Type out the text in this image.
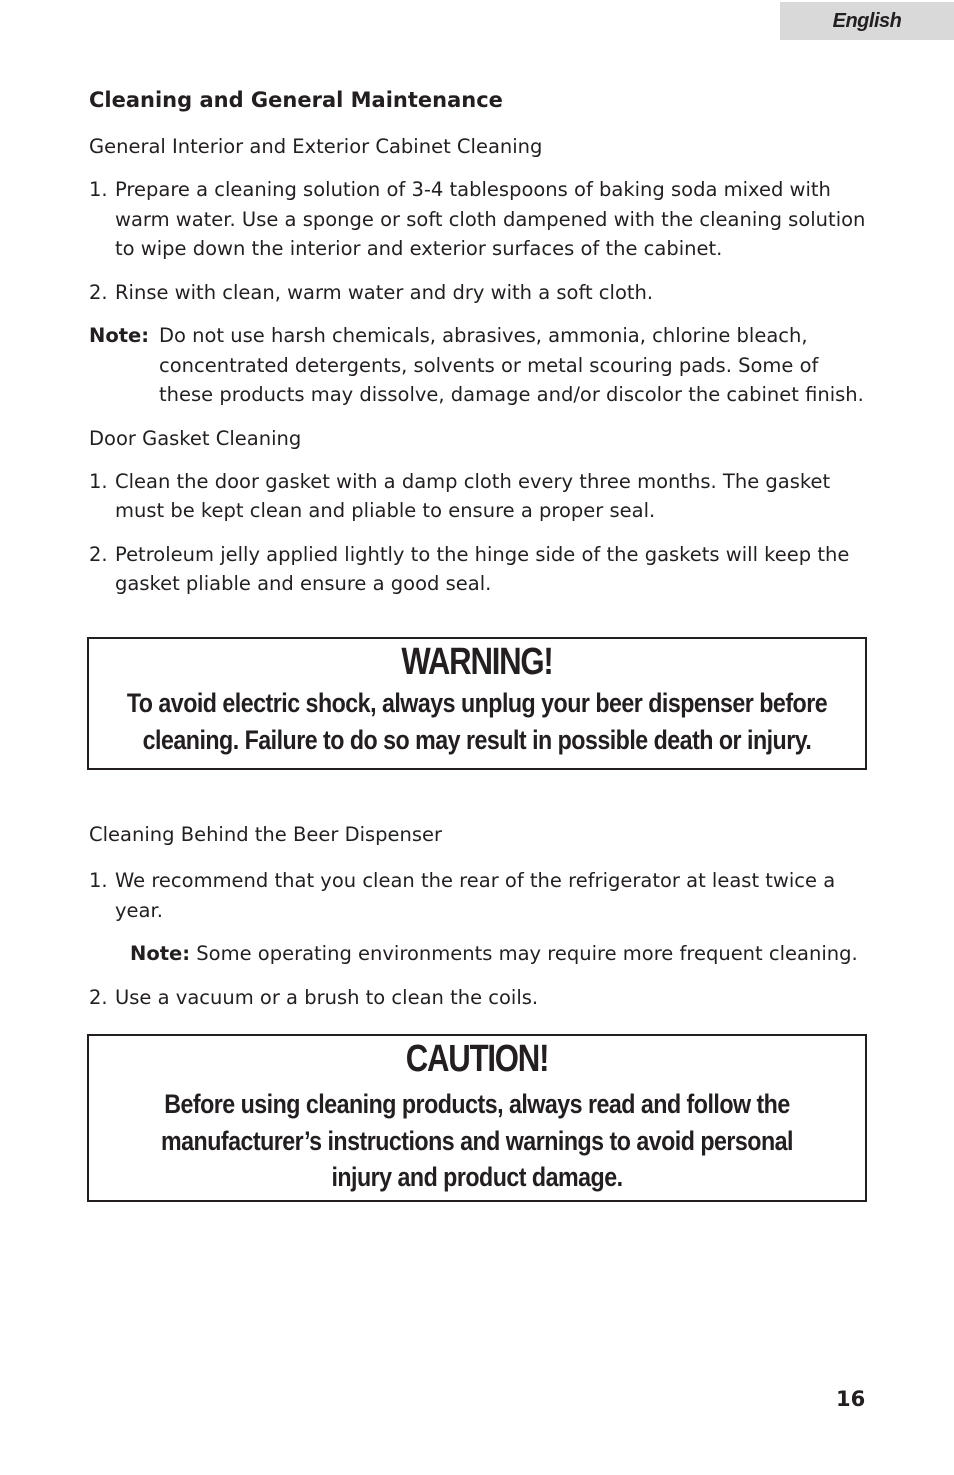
English
Cleaning and General Maintenance
General Interior and Exterior Cabinet Cleaning
1. Prepare a cleaning solution of 3-4 tablespoons of baking soda mixed with warm water. Use a sponge or soft cloth dampened with the cleaning solution to wipe down the interior and exterior surfaces of the cabinet.
2. Rinse with clean, warm water and dry with a soft cloth.
Note: Do not use harsh chemicals, abrasives, ammonia, chlorine bleach, concentrated detergents, solvents or metal scouring pads. Some of these products may dissolve, damage and/or discolor the cabinet finish.
Door Gasket Cleaning
1. Clean the door gasket with a damp cloth every three months. The gasket must be kept clean and pliable to ensure a proper seal.
2. Petroleum jelly applied lightly to the hinge side of the gaskets will keep the gasket pliable and ensure a good seal.
WARNING!
To avoid electric shock, always unplug your beer dispenser before cleaning. Failure to do so may result in possible death or injury.
Cleaning Behind the Beer Dispenser
1. We recommend that you clean the rear of the refrigerator at least twice a year.
Note: Some operating environments may require more frequent cleaning.
2. Use a vacuum or a brush to clean the coils.
CAUTION!
Before using cleaning products, always read and follow the manufacturer’s instructions and warnings to avoid personal injury and product damage.
16
